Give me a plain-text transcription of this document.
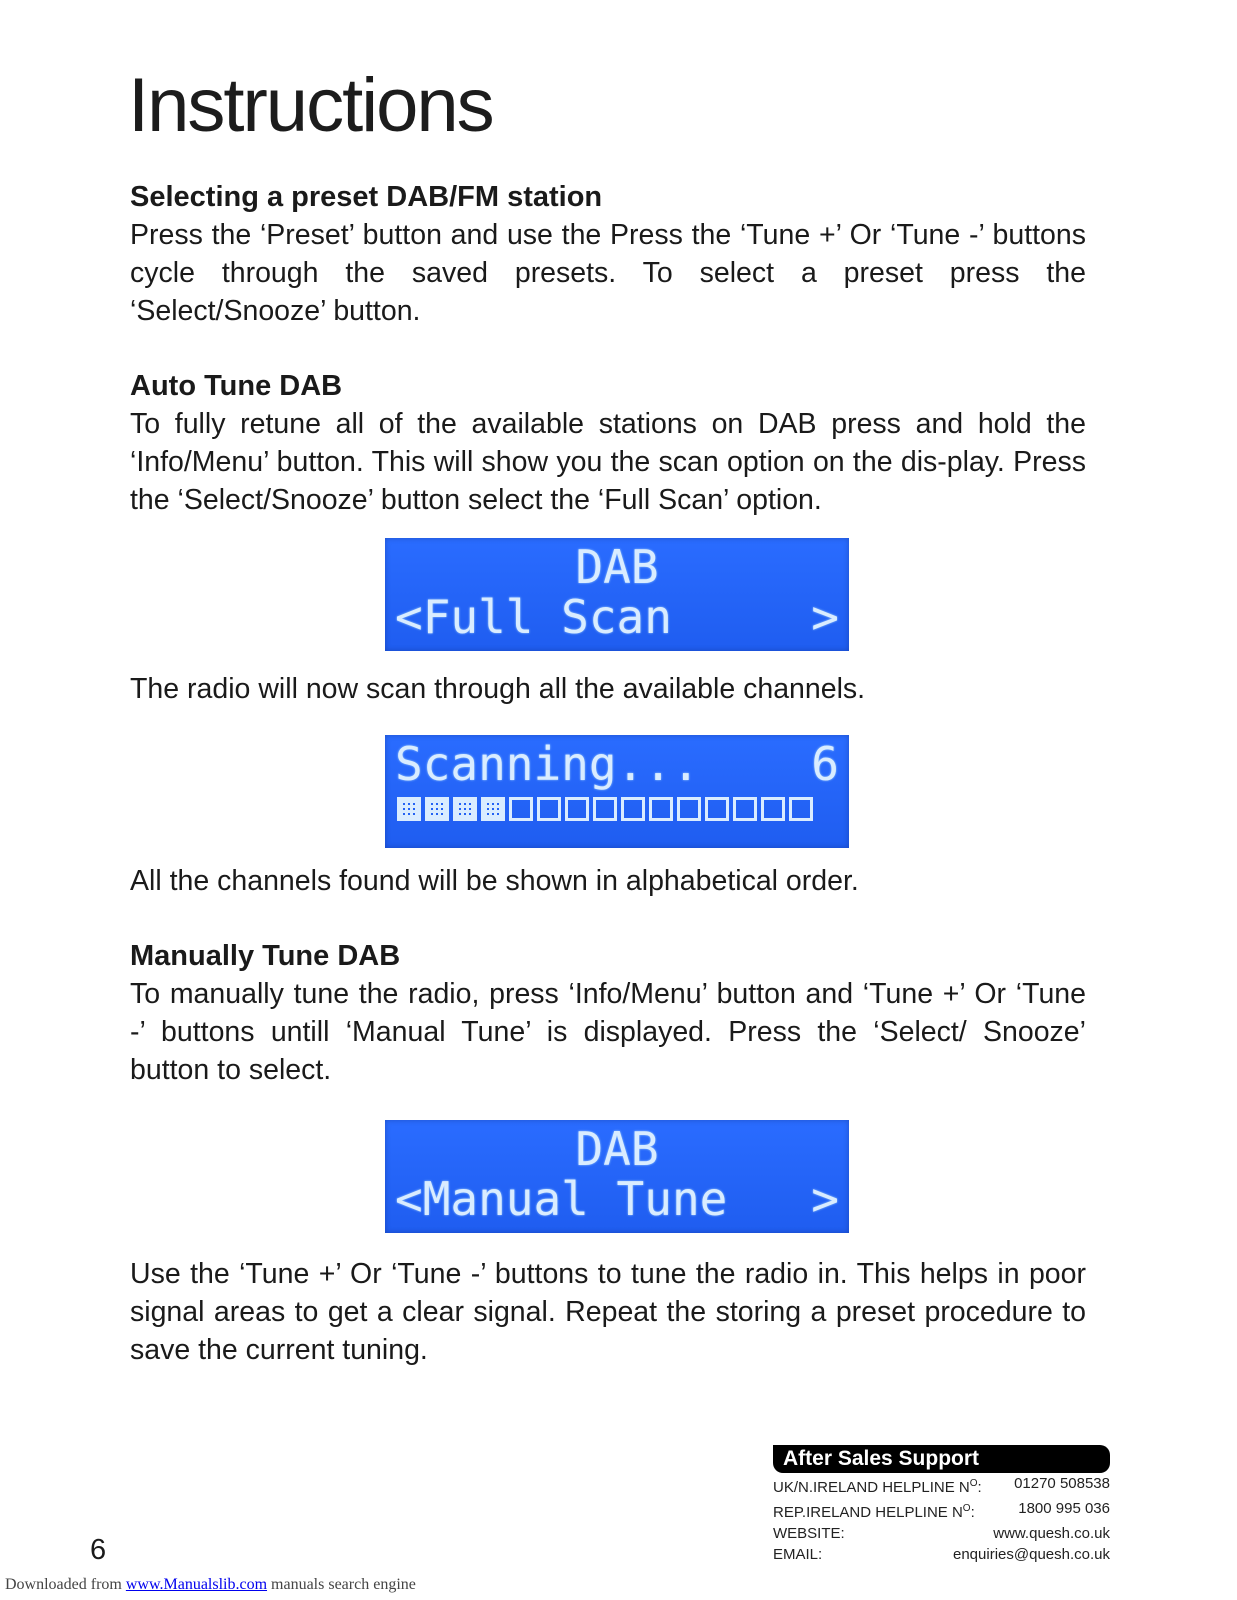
Instructions
Selecting a preset DAB/FM station

Press the ‘Preset’ button and use the Press the ‘Tune +’ Or ‘Tune -’ buttons cycle through the saved presets. To select a preset press the ‘Select/Snooze’ button.

Auto Tune DAB

To fully retune all of the available stations on DAB press and hold the ‘Info/Menu’ button. This will show you the scan option on the dis-play. Press the ‘Select/Snooze’ button select the ‘Full Scan’ option.

DAB
<Full Scan	>

The radio will now scan through all the available channels.

Scanning... 6

All the channels found will be shown in alphabetical order.

Manually Tune DAB

To manually tune the radio, press ‘Info/Menu’ button and ‘Tune +’ Or ‘Tune -’ buttons untill ‘Manual Tune’ is displayed. Press the ‘Select/ Snooze’ button to select.

DAB
<Manual Tune >

Use the ‘Tune +’ Or ‘Tune -’ buttons to tune the radio in. This helps in poor signal areas to get a clear signal. Repeat the storing a preset procedure to save the current tuning.

After Sales Support
UK/N.IRELAND HELPLINE $N^O$: 01270 508538
REP.IRELAND HELPLINE $N^O$:	1800 995 036
WEBSITE:	www.quesh.co.uk
EMAIL:	enquiries@quesh.co.uk
6
Downloaded from www.Manualslib.com manuals search engine
